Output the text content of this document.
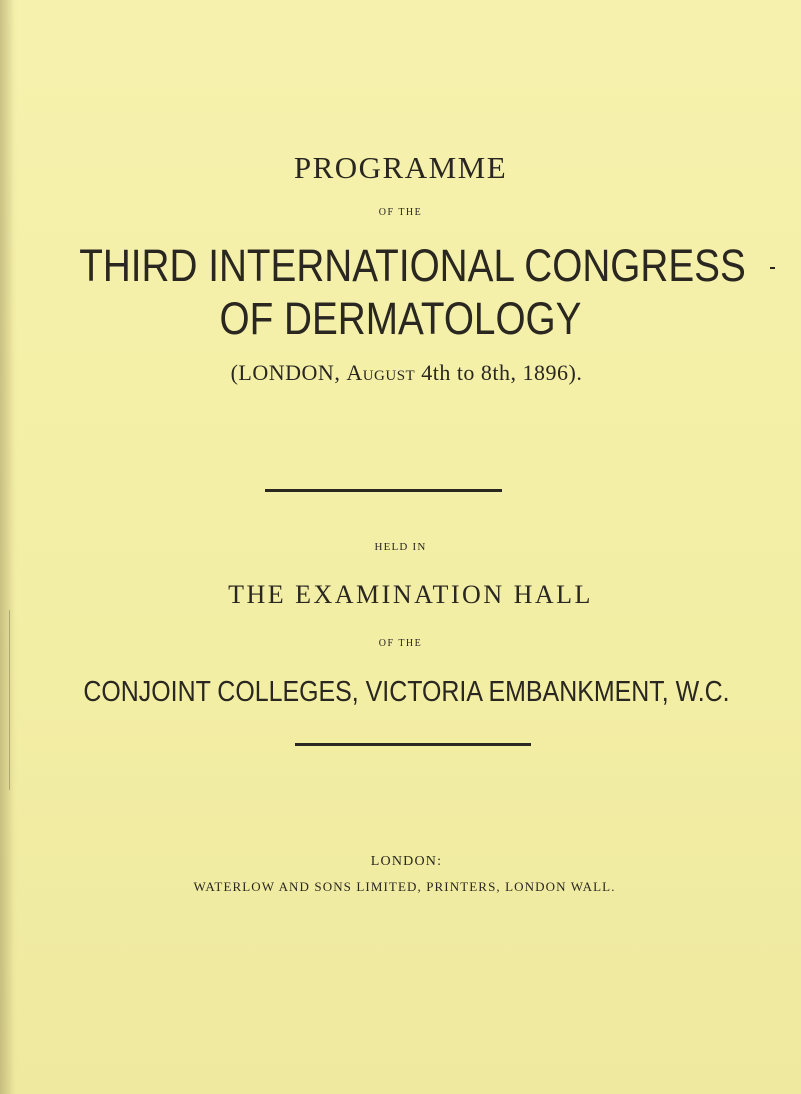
PROGRAMME
OF THE
THIRD INTERNATIONAL CONGRESS
OF DERMATOLOGY
(LONDON, August 4th to 8th, 1896).
HELD IN
THE EXAMINATION HALL
OF THE
CONJOINT COLLEGES, VICTORIA EMBANKMENT, W.C.
LONDON:
WATERLOW AND SONS LIMITED, PRINTERS, LONDON WALL.
